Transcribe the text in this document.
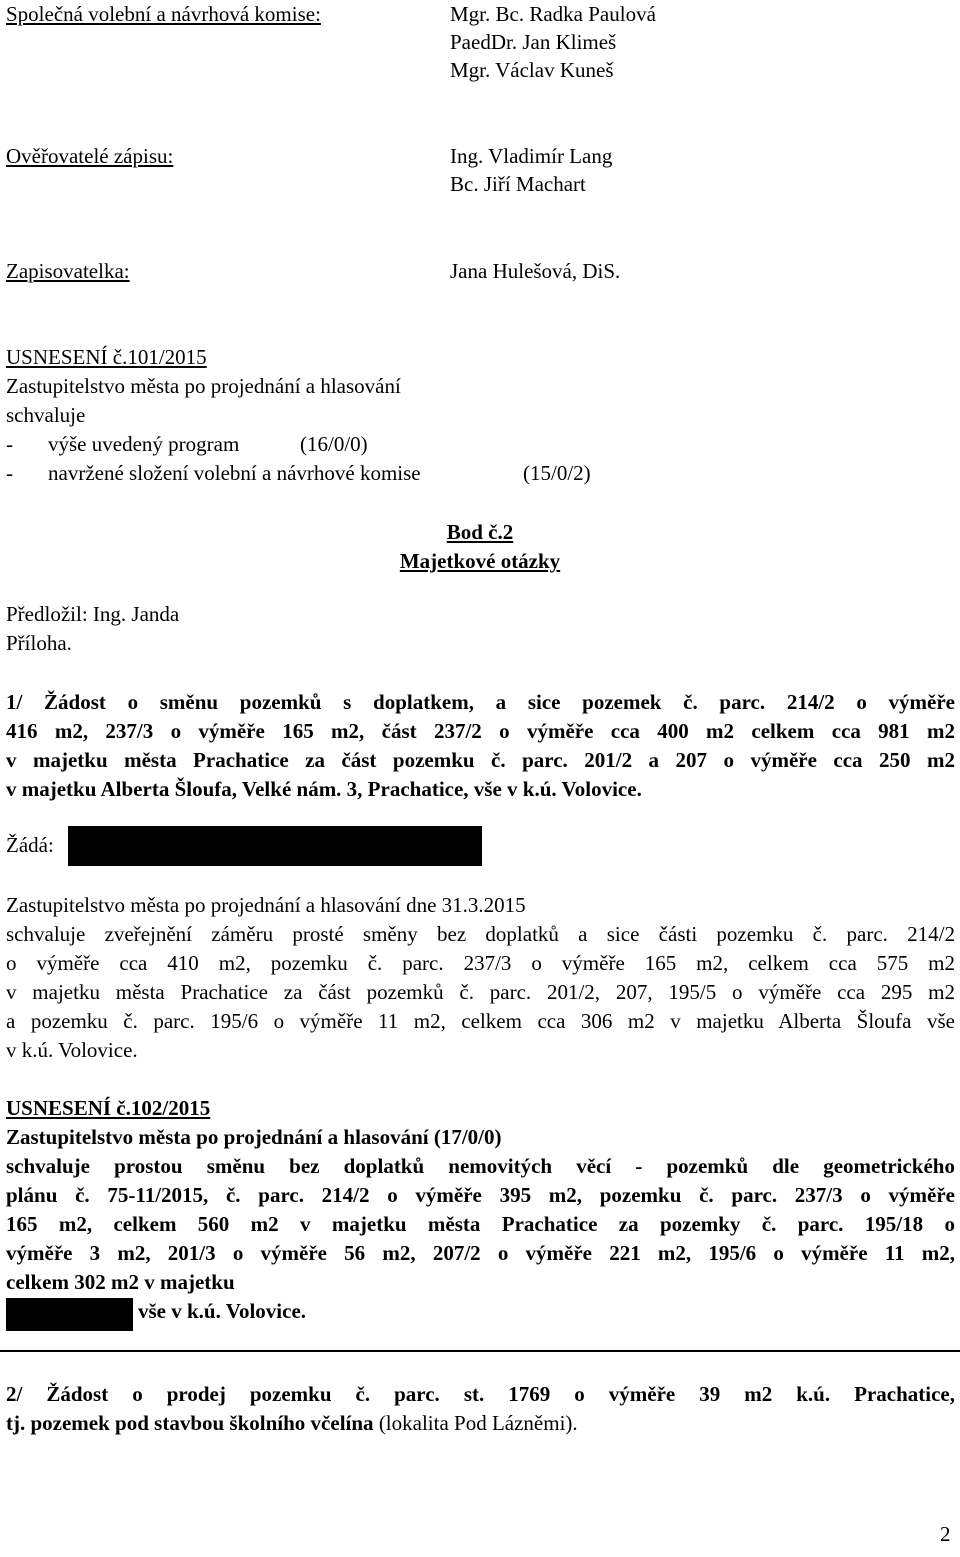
Společná volební a návrhová komise:	Mgr. Bc. Radka Paulová
PaedDr. Jan Klimeš
Mgr. Václav Kuneš
Ověřovatelé zápisu:	Ing. Vladimír Lang
Bc. Jiří Machart
Zapisovatelka:	Jana Hulešová, DiS.
USNESENÍ č.101/2015
Zastupitelstvo města po projednání a hlasování
schvaluje
- výše uvedený program	(16/0/0)
- navržené složení volební a návrhové komise	(15/0/2)
Bod č.2
Majetkové otázky
Předložil: Ing. Janda
Příloha.
1/ Žádost o směnu pozemků s doplatkem, a sice pozemek č. parc. 214/2 o výměře
416 m2, 237/3 o výměře 165 m2, část 237/2 o výměře cca 400 m2 celkem cca 981 m2
v majetku města Prachatice za část pozemku č. parc. 201/2 a 207 o výměře cca 250 m2
v majetku Alberta Šloufa, Velké nám. 3, Prachatice, vše v k.ú. Volovice.
Žádá:
Zastupitelstvo města po projednání a hlasování dne 31.3.2015
schvaluje zveřejnění záměru prosté směny bez doplatků a sice části pozemku č. parc. 214/2
o výměře cca 410 m2, pozemku č. parc. 237/3 o výměře 165 m2, celkem cca 575 m2
v majetku města Prachatice za část pozemků č. parc. 201/2, 207, 195/5 o výměře cca 295 m2
a pozemku č. parc. 195/6 o výměře 11 m2, celkem cca 306 m2 v majetku Alberta Šloufa vše
v k.ú. Volovice.
USNESENÍ č.102/2015
Zastupitelstvo města po projednání a hlasování (17/0/0)
schvaluje prostou směnu bez doplatků nemovitých věcí - pozemků dle geometrického
plánu č. 75-11/2015, č. parc. 214/2 o výměře 395 m2, pozemku č. parc. 237/3 o výměře
165 m2, celkem 560 m2 v majetku města Prachatice za pozemky č. parc. 195/18 o
výměře 3 m2, 201/3 o výměře 56 m2, 207/2 o výměře 221 m2, 195/6 o výměře 11 m2,
celkem 302 m2 v majetku
vše v k.ú. Volovice.
2/ Žádost o prodej pozemku č. parc. st. 1769 o výměře 39 m2 k.ú. Prachatice,
tj. pozemek pod stavbou školního včelína (lokalita Pod Lázněmi).
2
